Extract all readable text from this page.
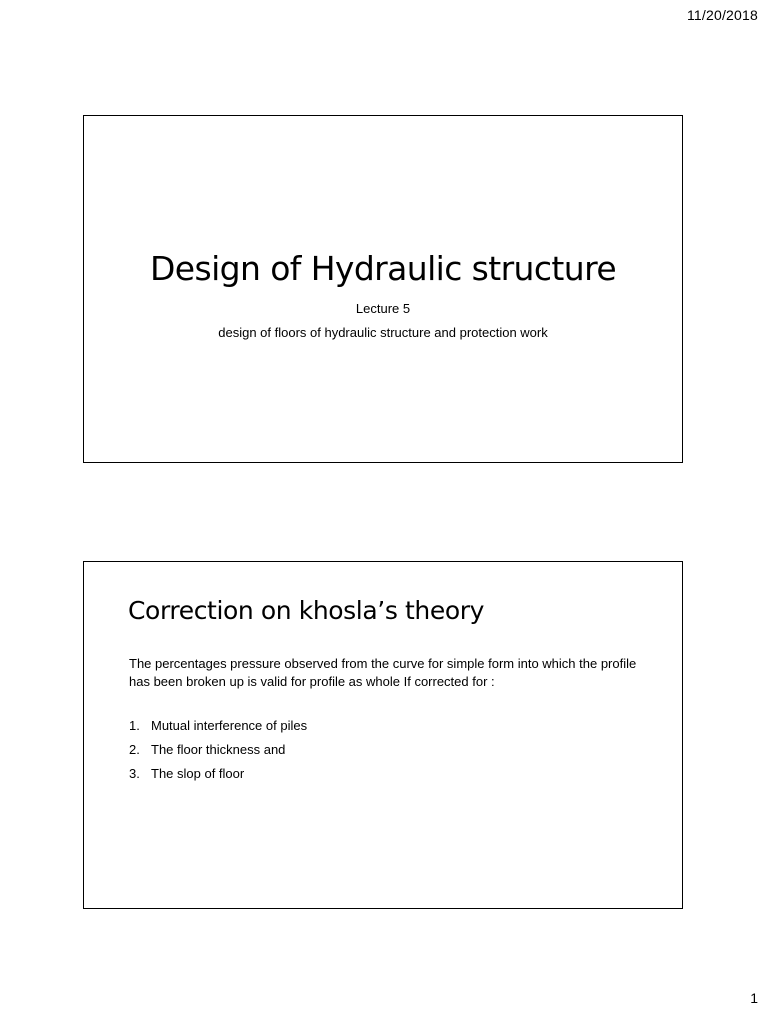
11/20/2018
Design of Hydraulic structure
Lecture 5
design of floors of hydraulic structure and protection work
Correction on khosla’s theory
The percentages pressure observed from the curve for simple form into which the profile has been broken up is valid for profile as whole If corrected for :
1. Mutual interference of piles
2. The floor thickness and
3. The slop of floor
1
